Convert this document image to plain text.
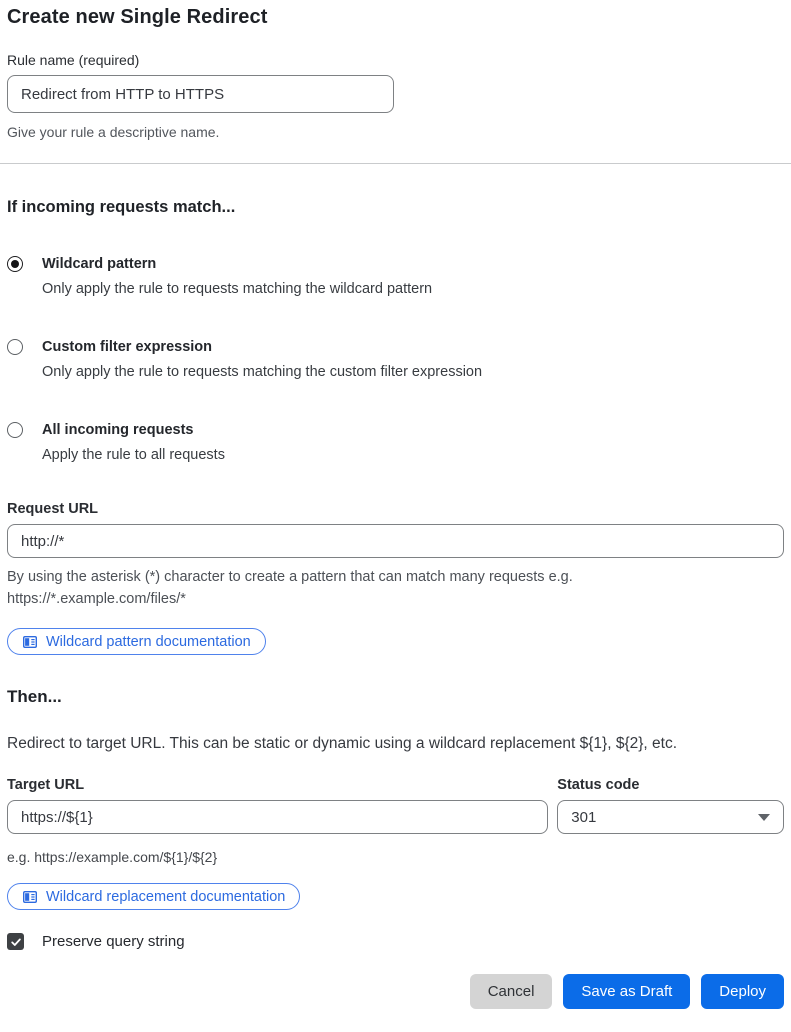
Create new Single Redirect
Rule name (required)
Redirect from HTTP to HTTPS

Give your rule a descriptive name.

If incoming requests match...
Wildcard pattern
Only apply the rule to requests matching the wildcard pattern
Custom filter expression
Only apply the rule to requests matching the custom filter expression
All incoming requests
Apply the rule to all requests
Request URL
http://*

By using the asterisk (*) character to create a pattern that can match many requests e.g. https://*.example.com/files/*

Wildcard pattern documentation
Then...

Redirect to target URL. This can be static or dynamic using a wildcard replacement ${1}, ${2}, etc.

Target URL
https://${1}

e.g. https://example.com/${1}/${2}

Status code
301
Wildcard replacement documentation
Preserve query string
Cancel	Save as Draft	Deploy
